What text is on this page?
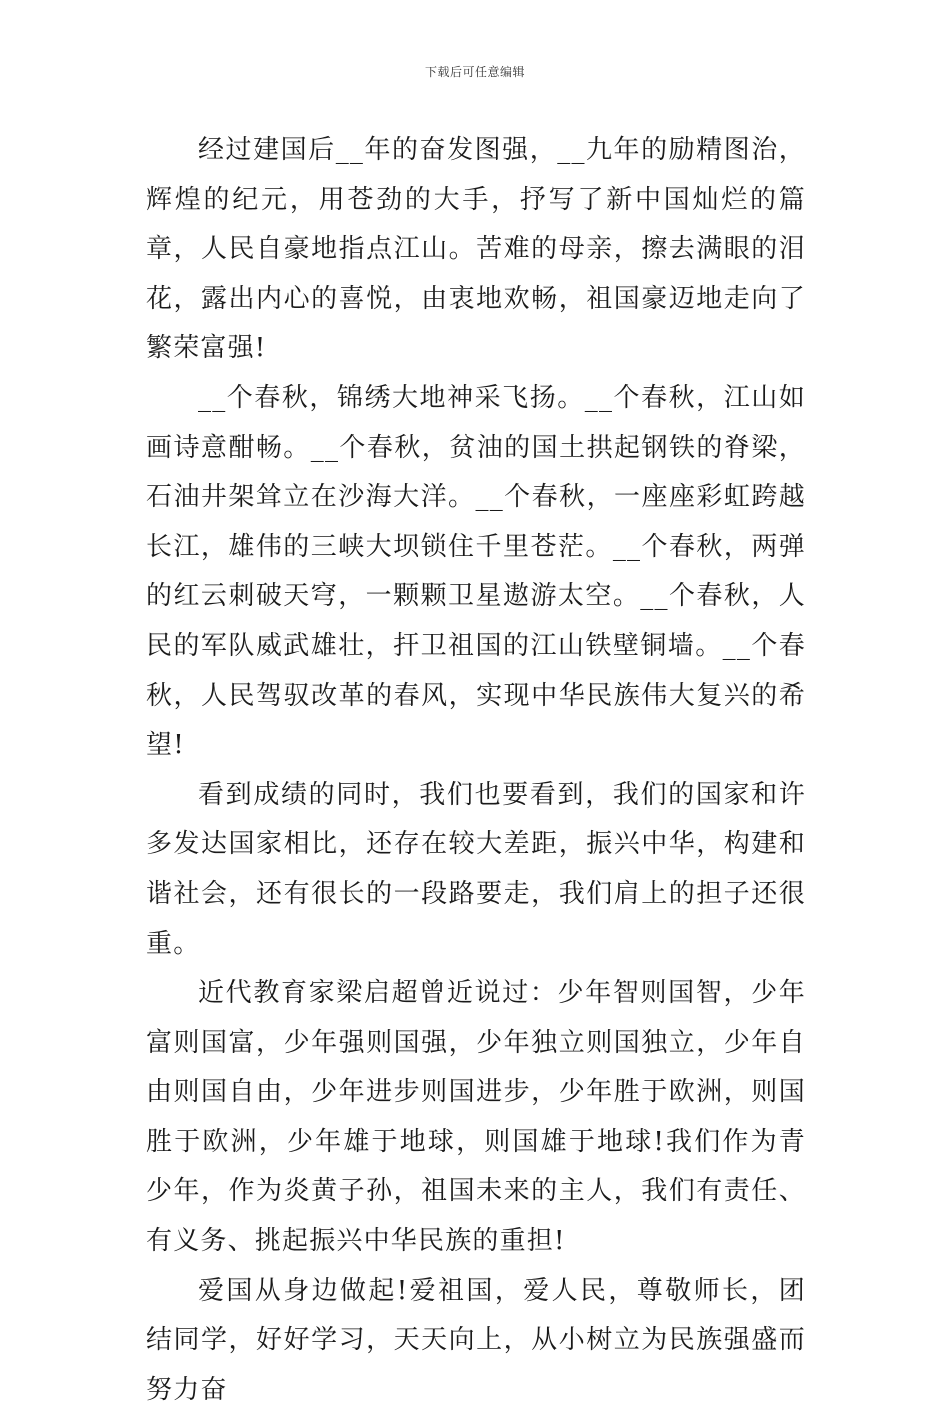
下载后可任意编辑

经过建国后__年的奋发图强，__九年的励精图治，辉煌的纪元，用苍劲的大手，抒写了新中国灿烂的篇章，人民自豪地指点江山。苦难的母亲，擦去满眼的泪花，露出内心的喜悦，由衷地欢畅，祖国豪迈地走向了繁荣富强!

__个春秋，锦绣大地神采飞扬。__个春秋，江山如画诗意酣畅。__个春秋，贫油的国土拱起钢铁的脊梁，石油井架耸立在沙海大洋。__个春秋，一座座彩虹跨越长江，雄伟的三峡大坝锁住千里苍茫。__个春秋，两弹的红云刺破天穹，一颗颗卫星遨游太空。__个春秋，人民的军队威武雄壮，扞卫祖国的江山铁壁铜墙。__个春秋，人民驾驭改革的春风，实现中华民族伟大复兴的希望!

看到成绩的同时，我们也要看到，我们的国家和许多发达国家相比，还存在较大差距，振兴中华，构建和谐社会，还有很长的一段路要走，我们肩上的担子还很重。

近代教育家梁启超曾近说过：少年智则国智，少年富则国富，少年强则国强，少年独立则国独立，少年自由则国自由，少年进步则国进步，少年胜于欧洲，则国胜于欧洲，少年雄于地球，则国雄于地球!我们作为青少年，作为炎黄子孙，祖国未来的主人，我们有责任、有义务、挑起振兴中华民族的重担!

爱国从身边做起!爱祖国，爱人民，尊敬师长，团结同学，好好学习，天天向上，从小树立为民族强盛而努力奋
